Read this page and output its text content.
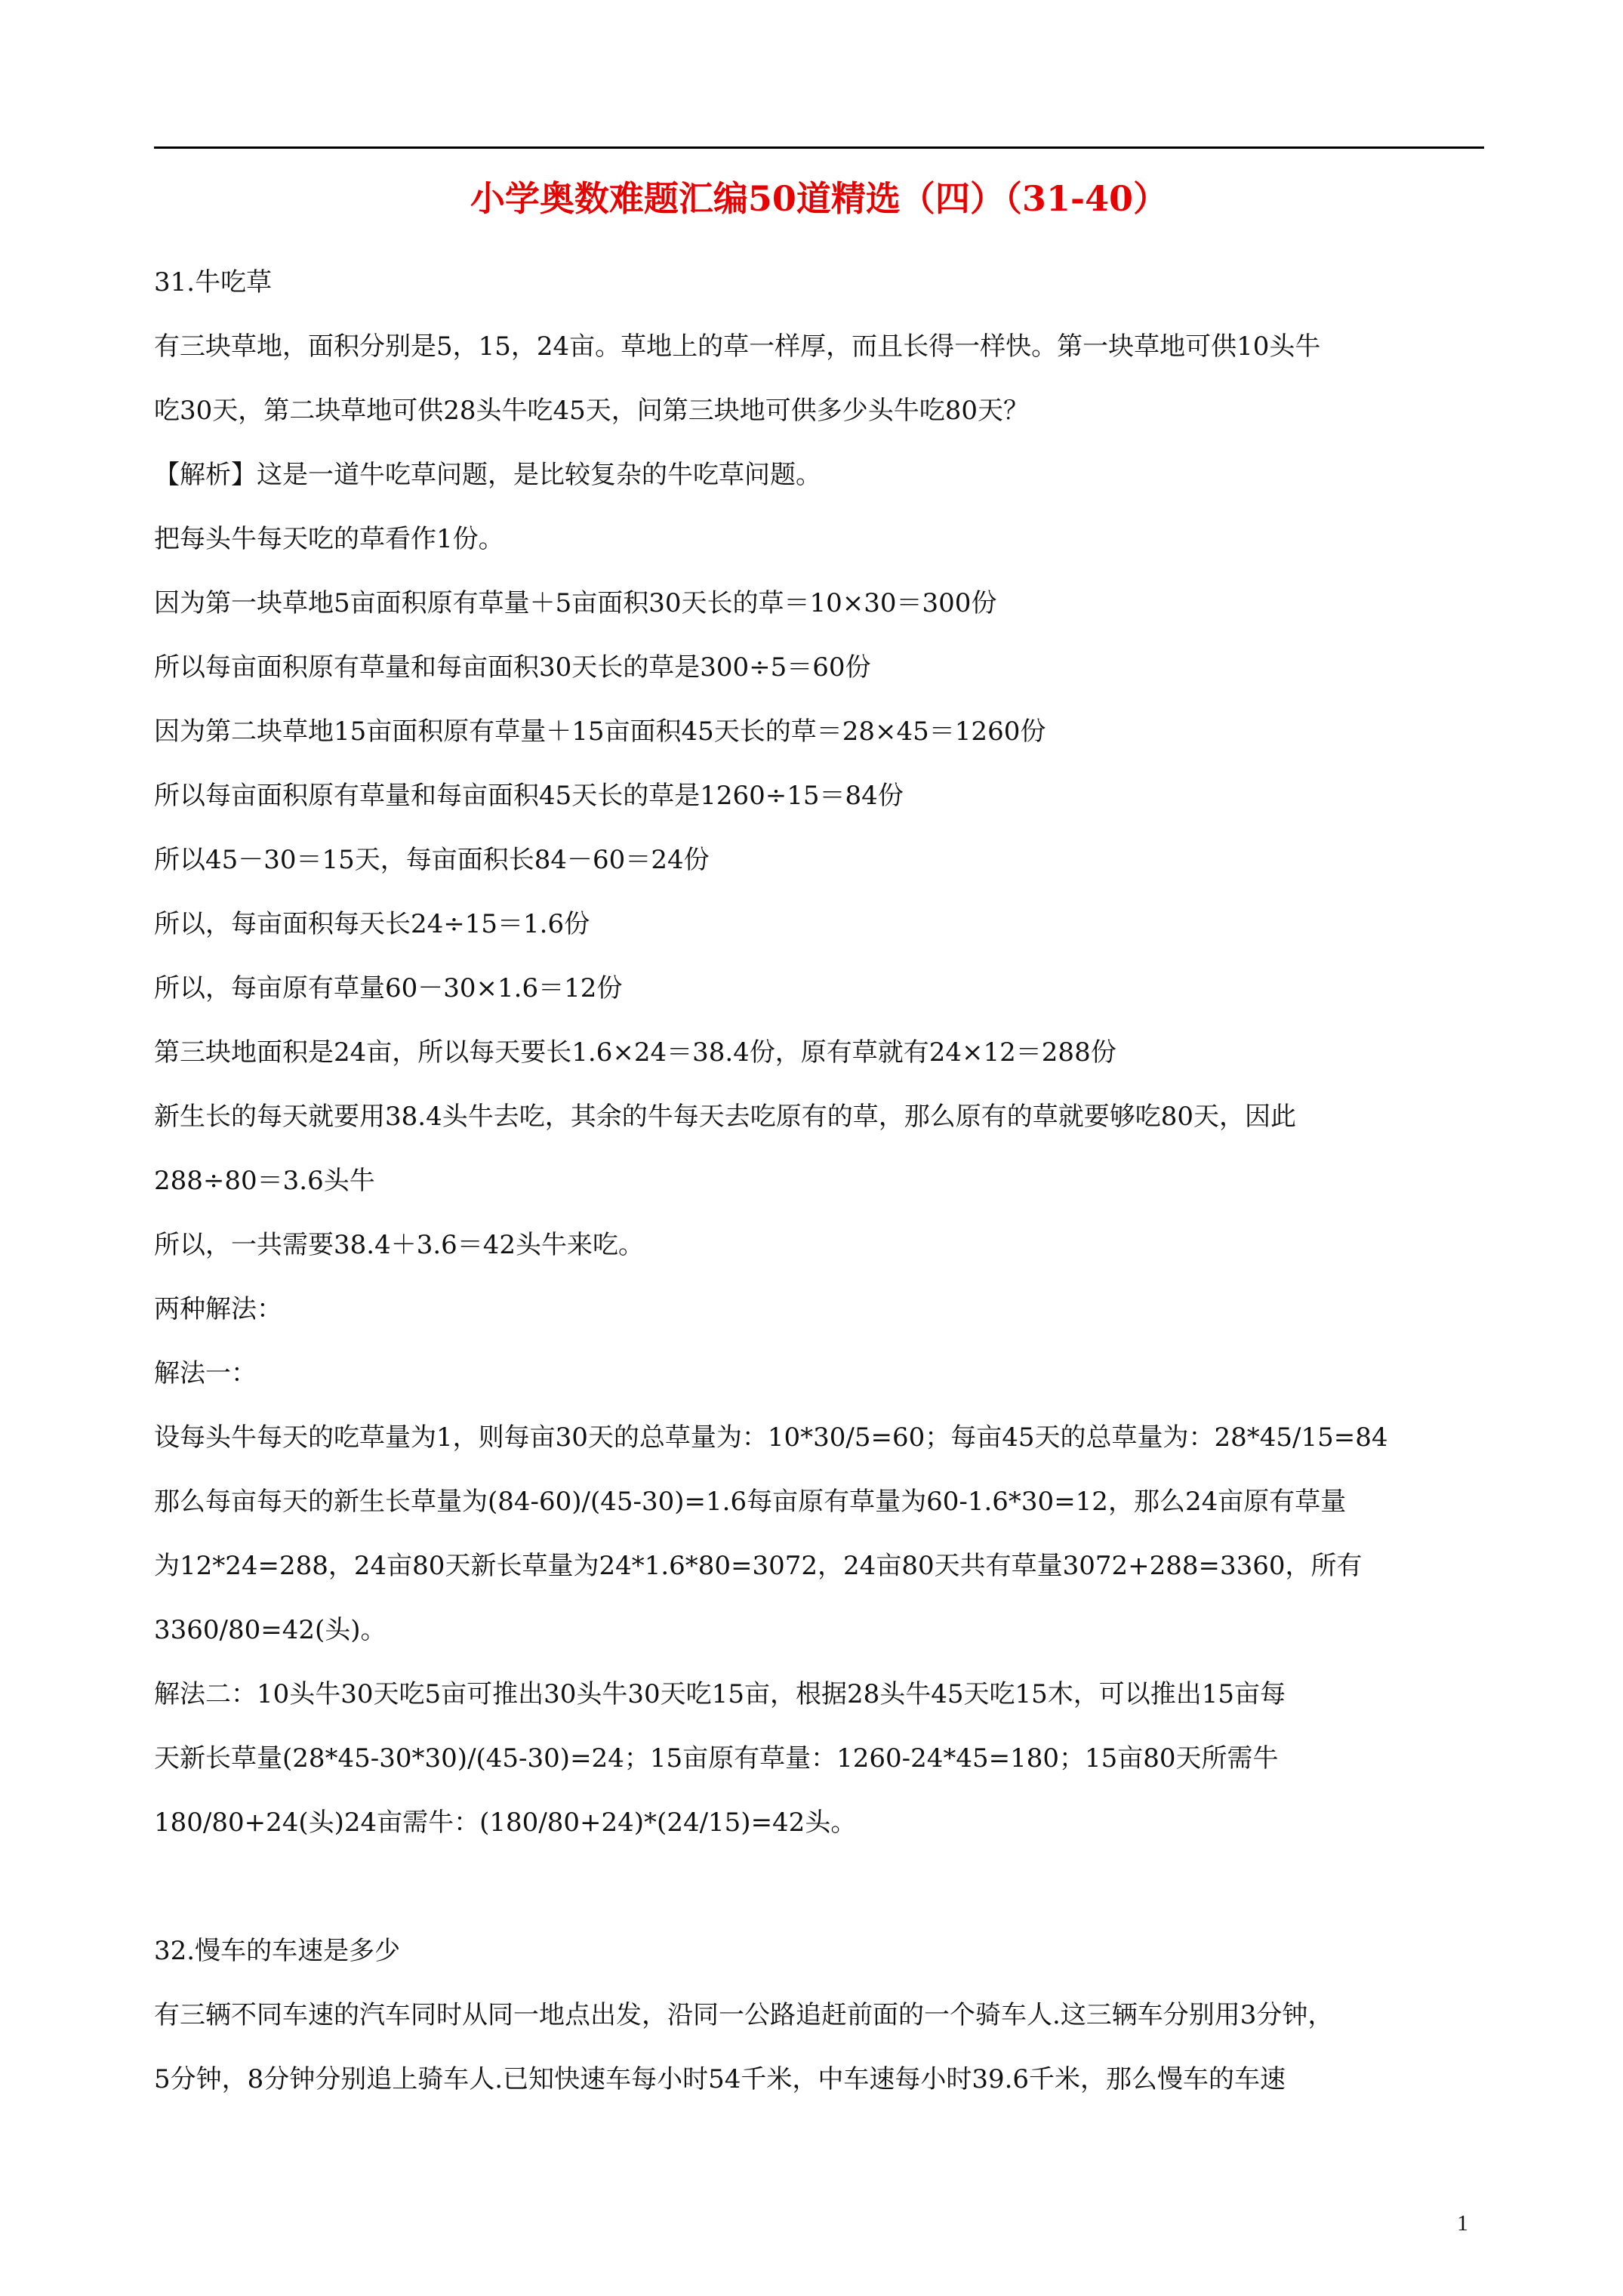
小学奥数难题汇编50道精选（四）（31-40）
31.牛吃草
有三块草地，面积分别是5，15，24亩。草地上的草一样厚，而且长得一样快。第一块草地可供10头牛
吃30天，第二块草地可供28头牛吃45天，问第三块地可供多少头牛吃80天？
【解析】这是一道牛吃草问题，是比较复杂的牛吃草问题。
把每头牛每天吃的草看作1份。
因为第一块草地5亩面积原有草量＋5亩面积30天长的草＝10×30＝300份
所以每亩面积原有草量和每亩面积30天长的草是300÷5＝60份
因为第二块草地15亩面积原有草量＋15亩面积45天长的草＝28×45＝1260份
所以每亩面积原有草量和每亩面积45天长的草是1260÷15＝84份
所以45－30＝15天，每亩面积长84－60＝24份
所以，每亩面积每天长24÷15＝1.6份
所以，每亩原有草量60－30×1.6＝12份
第三块地面积是24亩，所以每天要长1.6×24＝38.4份，原有草就有24×12＝288份
新生长的每天就要用38.4头牛去吃，其余的牛每天去吃原有的草，那么原有的草就要够吃80天，因此
288÷80＝3.6头牛
所以，一共需要38.4＋3.6＝42头牛来吃。
两种解法：
解法一：
设每头牛每天的吃草量为1，则每亩30天的总草量为：10*30/5=60；每亩45天的总草量为：28*45/15=84
那么每亩每天的新生长草量为(84-60)/(45-30)=1.6每亩原有草量为60-1.6*30=12，那么24亩原有草量
为12*24=288，24亩80天新长草量为24*1.6*80=3072，24亩80天共有草量3072+288=3360，所有
3360/80=42(头)。
解法二：10头牛30天吃5亩可推出30头牛30天吃15亩，根据28头牛45天吃15木，可以推出15亩每
天新长草量(28*45-30*30)/(45-30)=24；15亩原有草量：1260-24*45=180；15亩80天所需牛
180/80+24(头)24亩需牛：(180/80+24)*(24/15)=42头。
32.慢车的车速是多少
有三辆不同车速的汽车同时从同一地点出发，沿同一公路追赶前面的一个骑车人.这三辆车分别用3分钟，
5分钟，8分钟分别追上骑车人.已知快速车每小时54千米，中车速每小时39.6千米，那么慢车的车速
1
